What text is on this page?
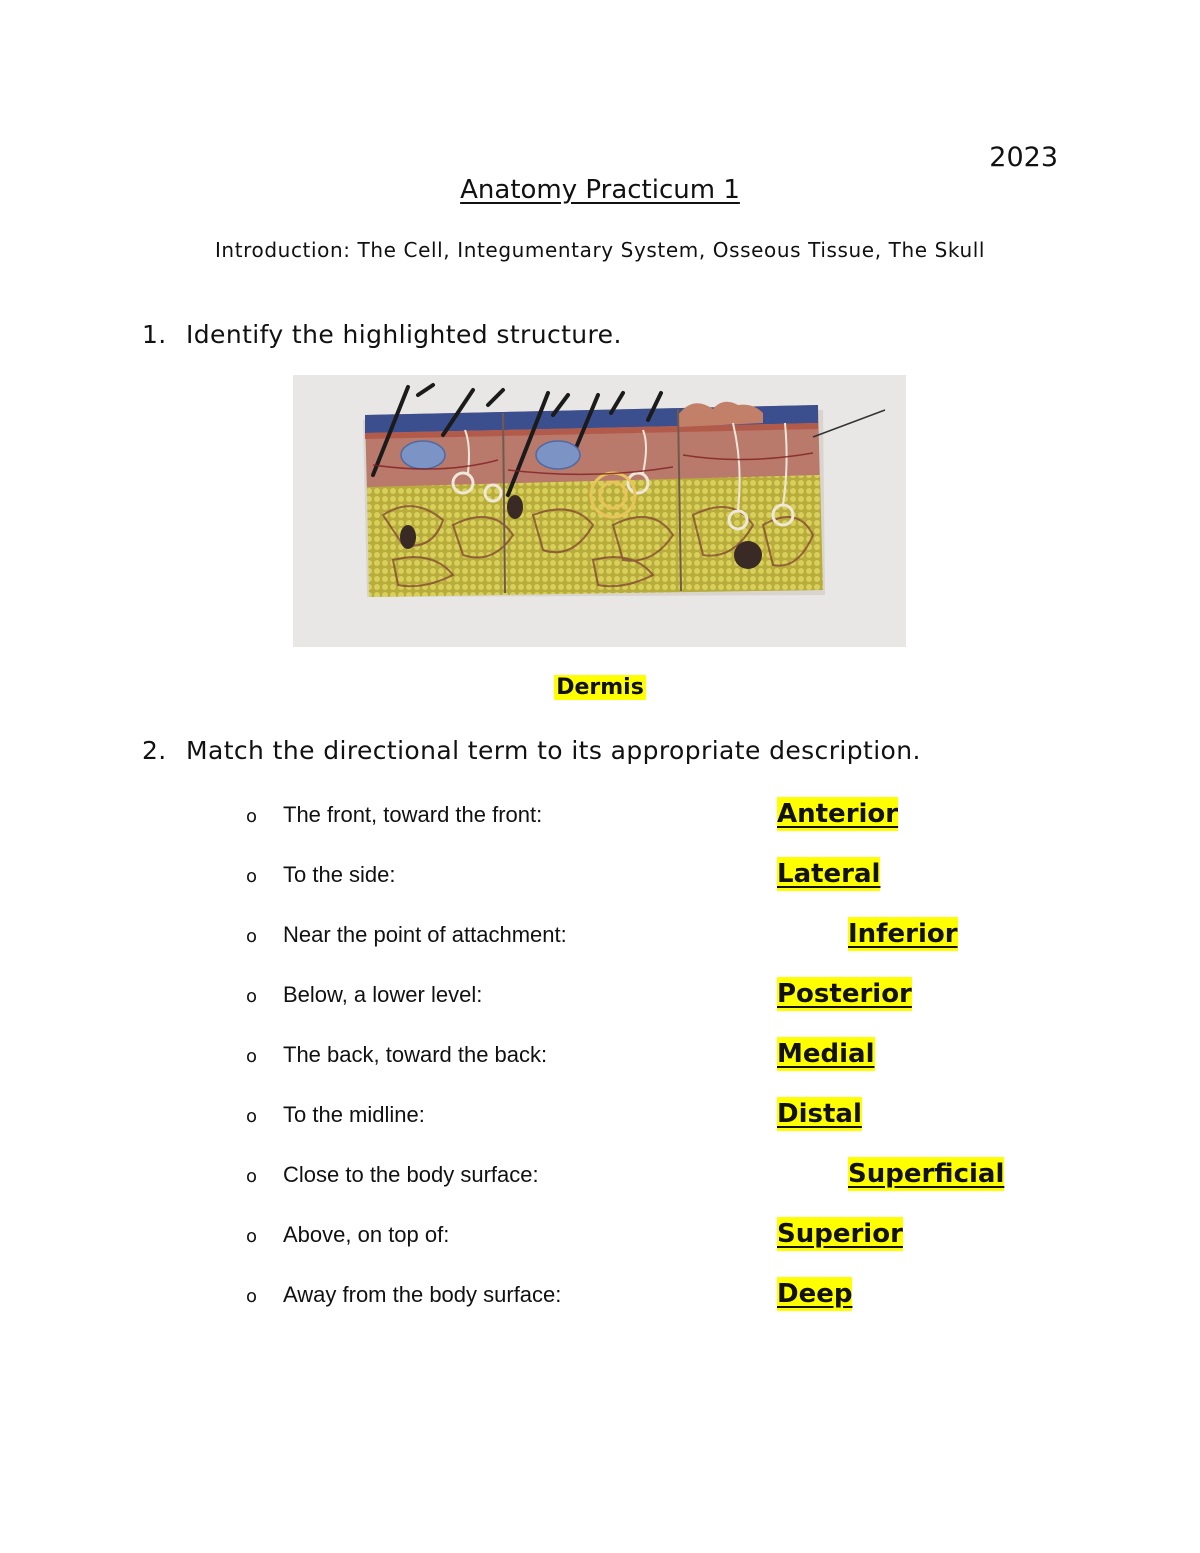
2023
Anatomy Practicum 1
Introduction: The Cell, Integumentary System, Osseous Tissue, The Skull
1. Identify the highlighted structure.
Dermis
2. Match the directional term to its appropriate description.
o The front, toward the front:	Anterior
o To the side:	Lateral
o Near the point of attachment:	Inferior
o Below, a lower level:	Posterior
o The back, toward the back:	Medial
o To the midline:	Distal
o Close to the body surface:	Superficial
o Above, on top of:	Superior
o Away from the body surface:	Deep
